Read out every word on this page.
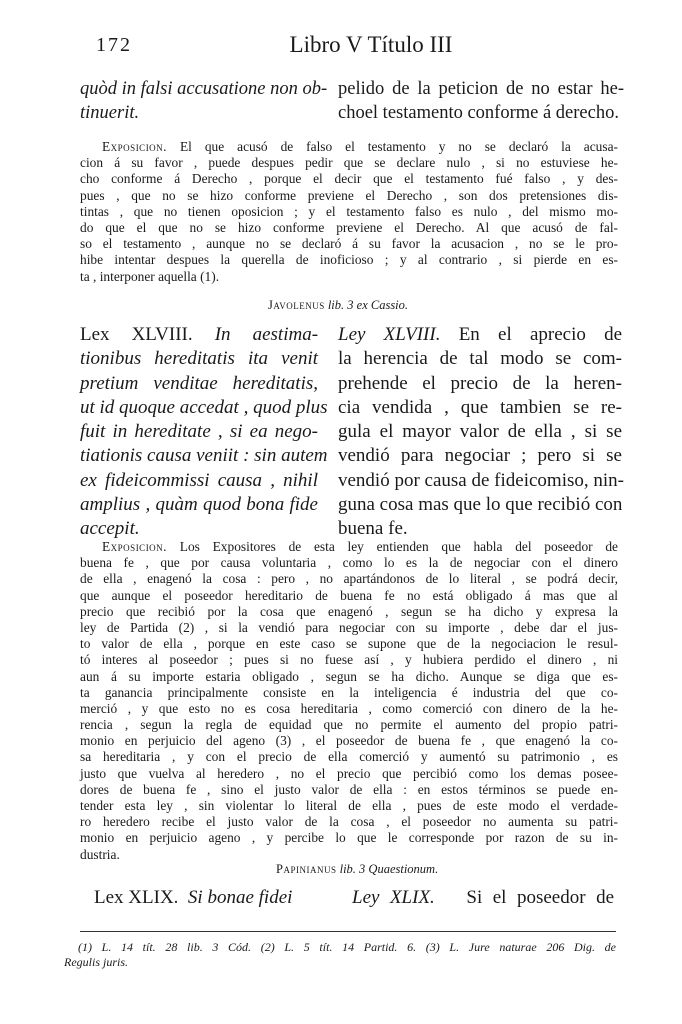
172	Libro V Título III
quòd in falsi accusatione non ob-
tinuerit.
pelido de la peticion de no estar he-
choel testamento conforme á derecho.
Exposicion. El que acusó de falso el testamento y no se declaró la acusa-
cion á su favor , puede despues pedir que se declare nulo , si no estuviese he-
cho conforme á Derecho , porque el decir que el testamento fué falso , y des-
pues , que no se hizo conforme previene el Derecho , son dos pretensiones dis-
tintas , que no tienen oposicion ; y el testamento falso es nulo , del mismo mo-
do que el que no se hizo conforme previene el Derecho. Al que acusó de fal-
so el testamento , aunque no se declaró á su favor la acusacion , no se le pro-
hibe intentar despues la querella de inoficioso ; y al contrario , si pierde en es-
ta , interponer aquella (1).
Javolenus lib. 3 ex Cassio.
Lex XLVIII. In aestima-
tionibus hereditatis ita venit
pretium venditae hereditatis,
ut id quoque accedat , quod plus
fuit in hereditate , si ea nego-
tiationis causa veniit : sin autem
ex fideicommissi causa , nihil
amplius , quàm quod bona fide
accepit.
Ley XLVIII. En el aprecio de
la herencia de tal modo se com-
prehende el precio de la heren-
cia vendida , que tambien se re-
gula el mayor valor de ella , si se
vendió para negociar ; pero si se
vendió por causa de fideicomiso, nin-
guna cosa mas que lo que recibió con
buena fe.
Exposicion. Los Expositores de esta ley entienden que habla del poseedor de
buena fe , que por causa voluntaria , como lo es la de negociar con el dinero
de ella , enagenó la cosa : pero , no apartándonos de lo literal , se podrá decir,
que aunque el poseedor hereditario de buena fe no está obligado á mas que al
precio que recibió por la cosa que enagenó , segun se ha dicho y expresa la
ley de Partida (2) , si la vendió para negociar con su importe , debe dar el jus-
to valor de ella , porque en este caso se supone que de la negociacion le resul-
tó interes al poseedor ; pues si no fuese así , y hubiera perdido el dinero , ni
aun á su importe estaria obligado , segun se ha dicho. Aunque se diga que es-
ta ganancia principalmente consiste en la inteligencia é industria del que co-
merció , y que esto no es cosa hereditaria , como comerció con dinero de la he-
rencia , segun la regla de equidad que no permite el aumento del propio patri-
monio en perjuicio del ageno (3) , el poseedor de buena fe , que enagenó la co-
sa hereditaria , y con el precio de ella comerció y aumentó su patrimonio , es
justo que vuelva al heredero , no el precio que percibió como los demas posee-
dores de buena fe , sino el justo valor de ella : en estos términos se puede en-
tender esta ley , sin violentar lo literal de ella , pues de este modo el verdade-
ro heredero recibe el justo valor de la cosa , el poseedor no aumenta su patri-
monio en perjuicio ageno , y percibe lo que le corresponde por razon de su in-
dustria.
Papinianus lib. 3 Quaestionum.
Lex XLIX. Si bonae fidei	Ley XLIX. Si el poseedor de
(1) L. 14 tít. 28 lib. 3 Cód. (2) L. 5 tít. 14 Partid. 6. (3) L. Jure naturae 206 Dig. de
Regulis juris.
